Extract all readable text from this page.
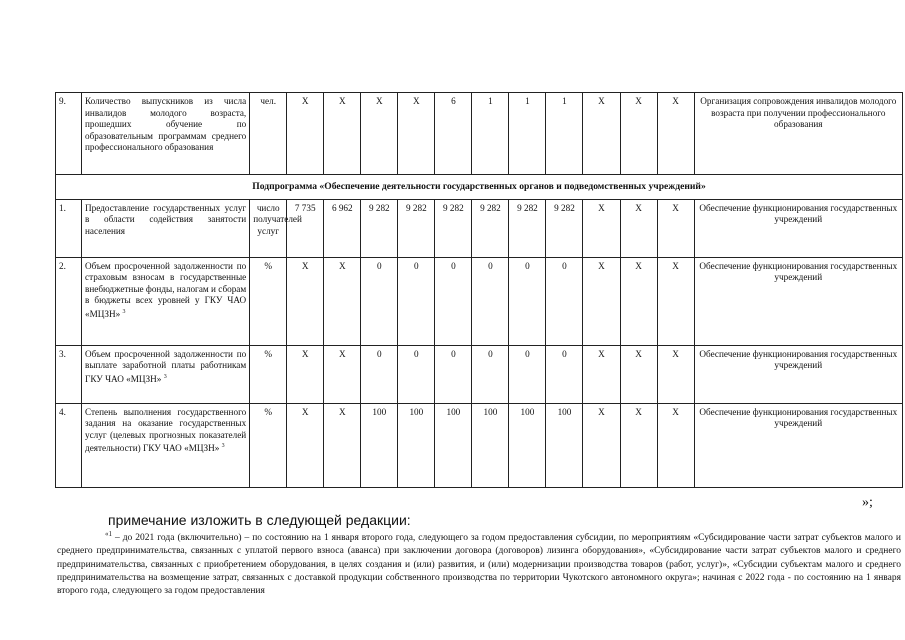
9.	Количество выпускников из числа инвалидов молодого возраста, прошедших обучение по образовательным программам среднего профессионального образования	чел.	X	X	X	X	6	1	1	1	X	X	X	Организация сопровождения инвалидов молодого возраста при получении профессионального образования
Подпрограмма «Обеспечение деятельности государственных органов и подведомственных учреждений»														
1.	Предоставление государственных услуг в области содействия занятости населения	число получателей услуг	7 735	6 962	9 282	9 282	9 282	9 282	9 282	9 282	X	X	X	Обеспечение функционирования государственных учреждений
2.	Объем просроченной задолженности по страховым взносам в государственные внебюджетные фонды, налогам и сборам в бюджеты всех уровней у ГКУ ЧАО «МЦЗН» $^3$	%	X	X	0	0	0	0	0	0	X	X	X	Обеспечение функционирования государственных учреждений
3.	Объем просроченной задолженности по выплате заработной платы работникам ГКУ ЧАО «МЦЗН» $^3$	%	X	X	0	0	0	0	0	0	X	X	X	Обеспечение функционирования государственных учреждений
4.	Степень выполнения государственного задания на оказание государственных услуг (целевых прогнозных показателей деятельности) ГКУ ЧАО «МЦЗН» $^3$	%	X	X	100	100	100	100	100	100	X	X	X	Обеспечение функционирования государственных учреждений
»;
примечание изложить в следующей редакции:
$^{«1}$ – до 2021 года (включительно) – по состоянию на 1 января второго года, следующего за годом предоставления субсидии, по мероприятиям «Субсидирование части затрат субъектов малого и среднего предпринимательства, связанных с уплатой первого взноса (аванса) при заключении договора (договоров) лизинга оборудования», «Субсидирование части затрат субъектов малого и среднего предпринимательства, связанных с приобретением оборудования, в целях создания и (или) развития, и (или) модернизации производства товаров (работ, услуг)», «Субсидии субъектам малого и среднего предпринимательства на возмещение затрат, связанных с доставкой продукции собственного производства по территории Чукотского автономного округа»; начиная с 2022 года - по состоянию на 1 января второго года, следующего за годом предоставления
